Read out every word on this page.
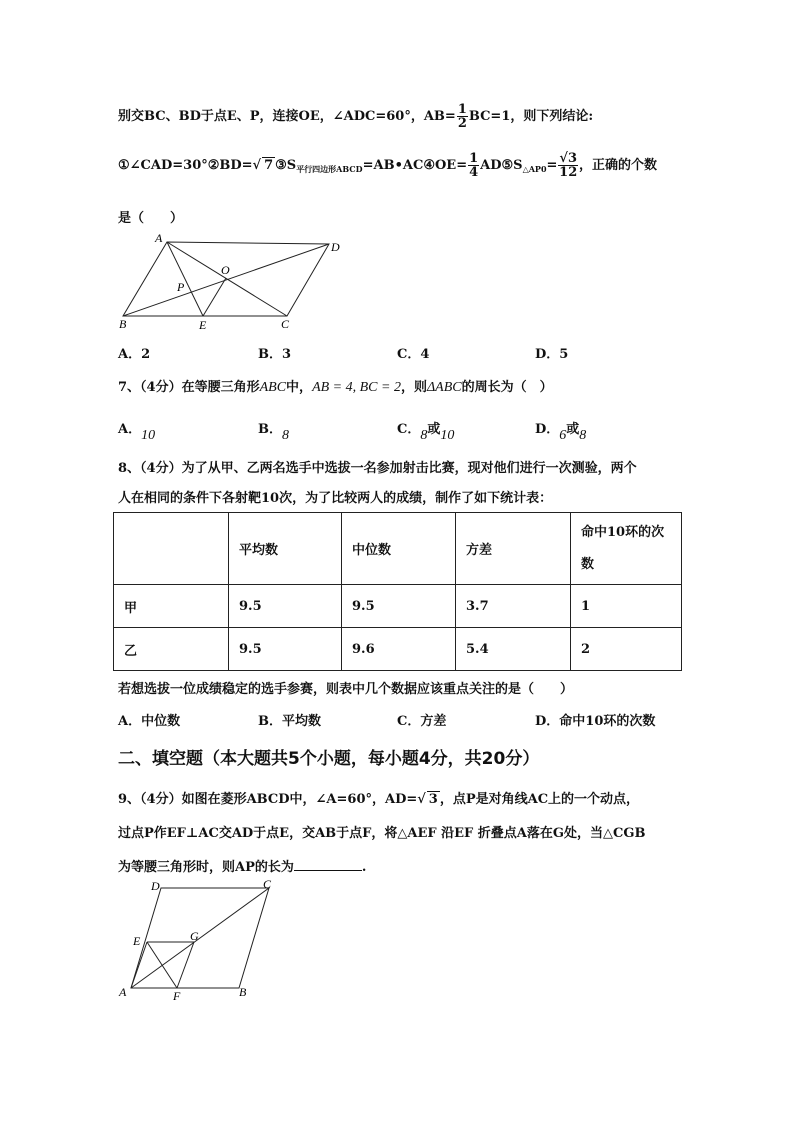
别交BC、BD于点E、P，连接OE，∠ADC=60°，$AB= \frac{1}{2} BC=1$，则下列结论:
①∠CAD=30°②BD=√ 7 $③S_{平行四边形ABCD}=AB•AC④OE= \frac{1}{4}$ $AD⑤S_{\triangle AP0}= \frac{√3}{12}$ ，正确的个数
是（　　）
A
D
O
P
B	E	C
A．2	B．3	C．4	D．5
7、（4分）在等腰三角形ABC中，AB = 4, BC = 2，则ΔABC的周长为（　）
A．10	B．8	C．8或10	D．6或8
8、（4分）为了从甲、乙两名选手中选拔一名参加射击比赛，现对他们进行一次测验，两个
人在相同的条件下各射靶10次，为了比较两人的成绩，制作了如下统计表：
	平均数	中位数	方差	命中10环的次数
甲	9.5	9.5	3.7	1
乙	9.5	9.6	5.4	2
若想选拔一位成绩稳定的选手参赛，则表中几个数据应该重点关注的是（　　）
A．中位数	B．平均数	C．方差	D．命中10环的次数
二、填空题（本大题共5个小题，每小题4分，共20分）
9、（4分）如图在菱形ABCD中，∠A=60°，AD=√ 3 ，点P是对角线AC上的一个动点，
过点P作EF⊥AC交AD于点E，交AB于点F，将△AEF 沿EF 折叠点A落在G处，当△CGB
为等腰三角形时，则AP的长为	.
D	C
E	G
A	F	B
